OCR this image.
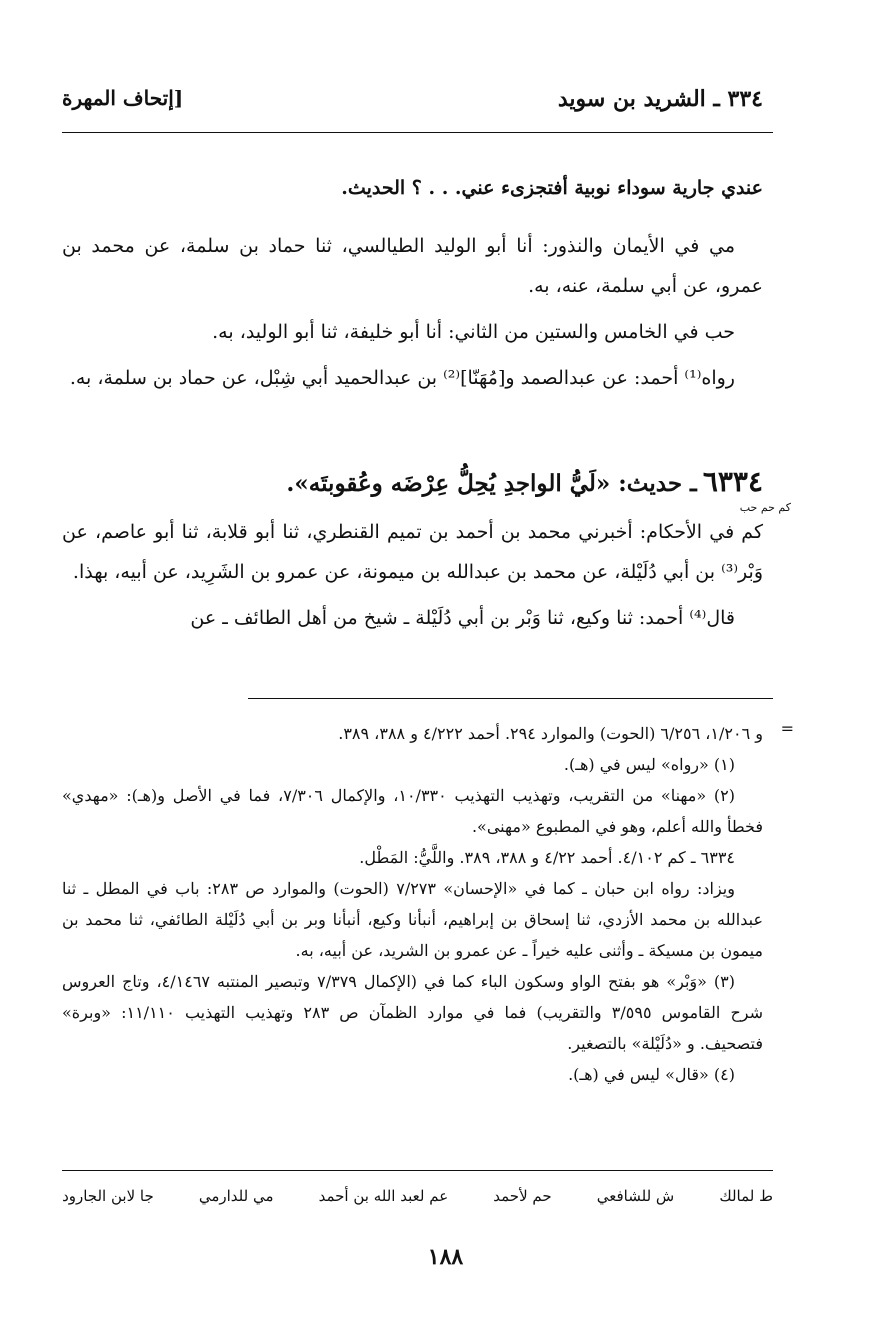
٣٣٤ ـ الشريد بن سويد
[إتحاف المهرة

عندي جارية سوداء نوبية أفتجزىء عني. . . ؟ الحديث.

مي في الأيمان والنذور: أنا أبو الوليد الطيالسي، ثنا حماد بن سلمة، عن محمد بن عمرو، عن أبي سلمة، عنه، به.

حب في الخامس والستين من الثاني: أنا أبو خليفة، ثنا أبو الوليد، به.

رواه⁽¹⁾ أحمد: عن عبدالصمد و[مُهَنّا]⁽²⁾ بن عبدالحميد أبي شِبْل، عن حماد بن سلمة، به.

٦٣٣٤ ـ حديث: «لَيُّ الواجدِ يُحِلُّ عِرْضَه وعُقوبتَه».
كم حم حب

كم في الأحكام: أخبرني محمد بن أحمد بن تميم القنطري، ثنا أبو قلابة، ثنا أبو عاصم، عن وَبْر⁽³⁾ بن أبي دُلَيْلة، عن محمد بن عبدالله بن ميمونة، عن عمرو بن الشَرِيد، عن أبيه، بهذا.

قال⁽⁴⁾ أحمد: ثنا وكيع، ثنا وَبْر بن أبي دُلَيْلة ـ شيخ من أهل الطائف ـ عن

=

و ١/٢٠٦، ٦/٢٥٦ (الحوت) والموارد ٢٩٤. أحمد ٤/٢٢٢ و ٣٨٨، ٣٨٩.

(١) «رواه» ليس في (هـ).

(٢) «مهنا» من التقريب، وتهذيب التهذيب ١٠/٣٣٠، والإكمال ٧/٣٠٦، فما في الأصل و(هـ): «مهدي» فخطأ والله أعلم، وهو في المطبوع «مهنى».

٦٣٣٤ ـ كم ٤/١٠٢. أحمد ٤/٢٢ و ٣٨٨، ٣٨٩. واللَّيُّ: المَطْل.

ويزاد: رواه ابن حبان ـ كما في «الإحسان» ٧/٢٧٣ (الحوت) والموارد ص ٢٨٣: باب في المطل ـ ثنا عبدالله بن محمد الأزدي، ثنا إسحاق بن إبراهيم، أنبأنا وكيع، أنبأنا وبر بن أبي دُلَيْلة الطائفي، ثنا محمد بن ميمون بن مسيكة ـ وأثنى عليه خيراً ـ عن عمرو بن الشريد، عن أبيه، به.

(٣) «وَبْر» هو بفتح الواو وسكون الباء كما في (الإكمال ٧/٣٧٩ وتبصير المنتبه ٤/١٤٦٧، وتاج العروس شرح القاموس ٣/٥٩٥ والتقريب) فما في موارد الظمآن ص ٢٨٣ وتهذيب التهذيب ١١/١١٠: «وبرة» فتصحيف. و «دُلَيْلة» بالتصغير.

(٤) «قال» ليس في (هـ).

ط لمالك
ش للشافعي
حم لأحمد
عم لعبد الله بن أحمد
مي للدارمي
جا لابن الجارود
١٨٨
